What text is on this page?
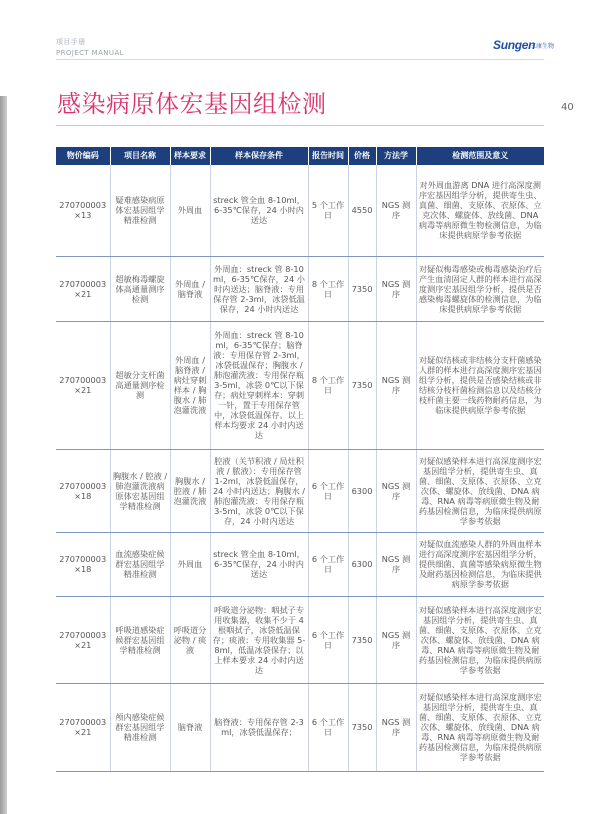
项目手册
PROJECT MANUAL
Sungen
三康生物
感染病原体宏基因组检测	40
物价编码	项目名称	样本要求	样本保存条件	报告时间	价格	方法学	检测范围及意义
270700003 ×13	疑难感染病原体宏基因组学精准检测	外周血	streck 管全血 8-10ml，6-35℃保存，24 小时内送达	5 个工作日	4550	NGS 测序	对外周血游离 DNA 进行高深度测序宏基因组学分析，提供寄生虫、真菌、细菌、支原体、衣原体、立克次体、螺旋体、放线菌、DNA 病毒等病原微生物检测信息，为临床提供病原学参考依据
270700003 ×21	超敏梅毒螺旋体高通量测序检测	外周血 / 脑脊液	外周血：streck 管 8-10ml，6-35℃保存，24 小时内送达；脑脊液：专用保存管 2-3ml，冰袋低温保存，24 小时内送达	8 个工作日	7350	NGS 测序	对疑似梅毒感染或梅毒感染治疗后产生血清固定人群的样本进行高深度测序宏基因组学分析，提供是否感染梅毒螺旋体的检测信息，为临床提供病原学参考依据
270700003 ×21	超敏分支杆菌高通量测序检测	外周血 / 脑脊液 / 病灶穿刺样本 / 胸腹水 / 肺泡灌洗液	外周血：streck 管 8-10ml，6-35℃保存；脑脊液：专用保存管 2-3ml，冰袋低温保存；胸腹水 / 肺泡灌洗液：专用保存瓶 3-5ml，冰袋 0℃以下保存；病灶穿刺样本：穿刺一针，置于专用保存管中，冰袋低温保存。以上样本均要求 24 小时内送达	8 个工作日	7350	NGS 测序	对疑似结核或非结核分支杆菌感染人群的样本进行高深度测序宏基因组学分析，提供是否感染结核或非结核分枝杆菌检测信息以及结核分枝杆菌主要一线药物耐药信息，为临床提供病原学参考依据
270700003 ×18	胸腹水 / 腔液 / 肺泡灌洗液病原体宏基因组学精准检测	胸腹水 / 腔液 / 肺泡灌洗液	腔液（关节积液 / 局灶积液 / 脓液）：专用保存管 1-2ml，冰袋低温保存，24 小时内送达；胸腹水 / 肺泡灌洗液：专用保存瓶 3-5ml，冰袋 0℃以下保存，24 小时内送达	6 个工作日	6300	NGS 测序	对疑似感染样本进行高深度测序宏基因组学分析，提供寄生虫、真菌、细菌、支原体、衣原体、立克次体、螺旋体、放线菌、DNA 病毒、RNA 病毒等病原微生物及耐药基因检测信息，为临床提供病原学参考依据
270700003 ×18	血流感染症候群宏基因组学精准检测	外周血	streck 管全血 8-10ml，6-35℃保存，24 小时内送达	6 个工作日	6300	NGS 测序	对疑似血流感染人群的外周血样本进行高深度测序宏基因组学分析，提供细菌、真菌等感染病原微生物及耐药基因检测信息，为临床提供病原学参考依据
270700003 ×21	呼吸道感染症候群宏基因组学精准检测	呼吸道分泌物 / 痰液	呼吸道分泌物：咽拭子专用收集器，收集不少于 4 根咽拭子，冰袋低温保存；痰液：专用收集器 5-8ml，低温冰袋保存；以上样本要求 24 小时内送达	6 个工作日	7350	NGS 测序	对疑似感染样本进行高深度测序宏基因组学分析，提供寄生虫、真菌、细菌、支原体、衣原体、立克次体、螺旋体、放线菌、DNA 病毒、RNA 病毒等病原微生物及耐药基因检测信息，为临床提供病原学参考依据
270700003 ×21	颅内感染症候群宏基因组学精准检测	脑脊液	脑脊液：专用保存管 2-3ml，冰袋低温保存；	6 个工作日	7350	NGS 测序	对疑似感染样本进行高深度测序宏基因组学分析，提供寄生虫、真菌、细菌、支原体、衣原体、立克次体、螺旋体、放线菌、DNA 病毒、RNA 病毒等病原微生物及耐药基因检测信息，为临床提供病原学参考依据
